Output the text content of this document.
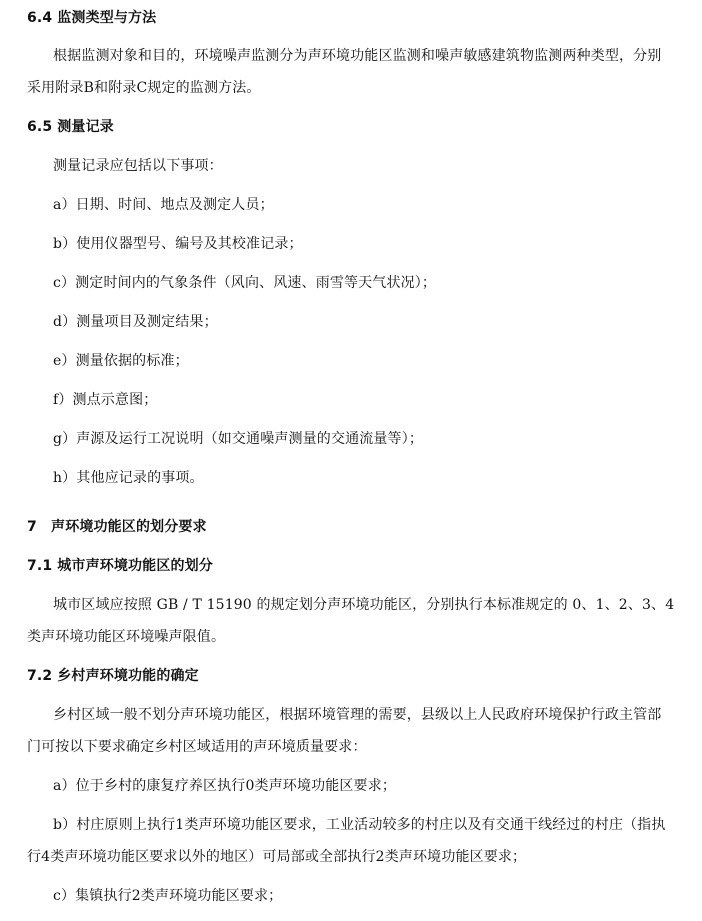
6.4 监测类型与方法
根据监测对象和目的，环境噪声监测分为声环境功能区监测和噪声敏感建筑物监测两种类型，分别
采用附录B和附录C规定的监测方法。
6.5 测量记录
测量记录应包括以下事项：
a）日期、时间、地点及测定人员；
b）使用仪器型号、编号及其校准记录；
c）测定时间内的气象条件（风向、风速、雨雪等天气状况）；
d）测量项目及测定结果；
e）测量依据的标准；
f）测点示意图；
g）声源及运行工况说明（如交通噪声测量的交通流量等）；
h）其他应记录的事项。
7　声环境功能区的划分要求
7.1 城市声环境功能区的划分
城市区域应按照 GB / T 15190 的规定划分声环境功能区，分别执行本标准规定的 0、1、2、3、4
类声环境功能区环境噪声限值。
7.2 乡村声环境功能的确定
乡村区域一般不划分声环境功能区，根据环境管理的需要，县级以上人民政府环境保护行政主管部
门可按以下要求确定乡村区域适用的声环境质量要求：
a）位于乡村的康复疗养区执行0类声环境功能区要求；
b）村庄原则上执行1类声环境功能区要求，工业活动较多的村庄以及有交通干线经过的村庄（指执
行4类声环境功能区要求以外的地区）可局部或全部执行2类声环境功能区要求；
c）集镇执行2类声环境功能区要求；
